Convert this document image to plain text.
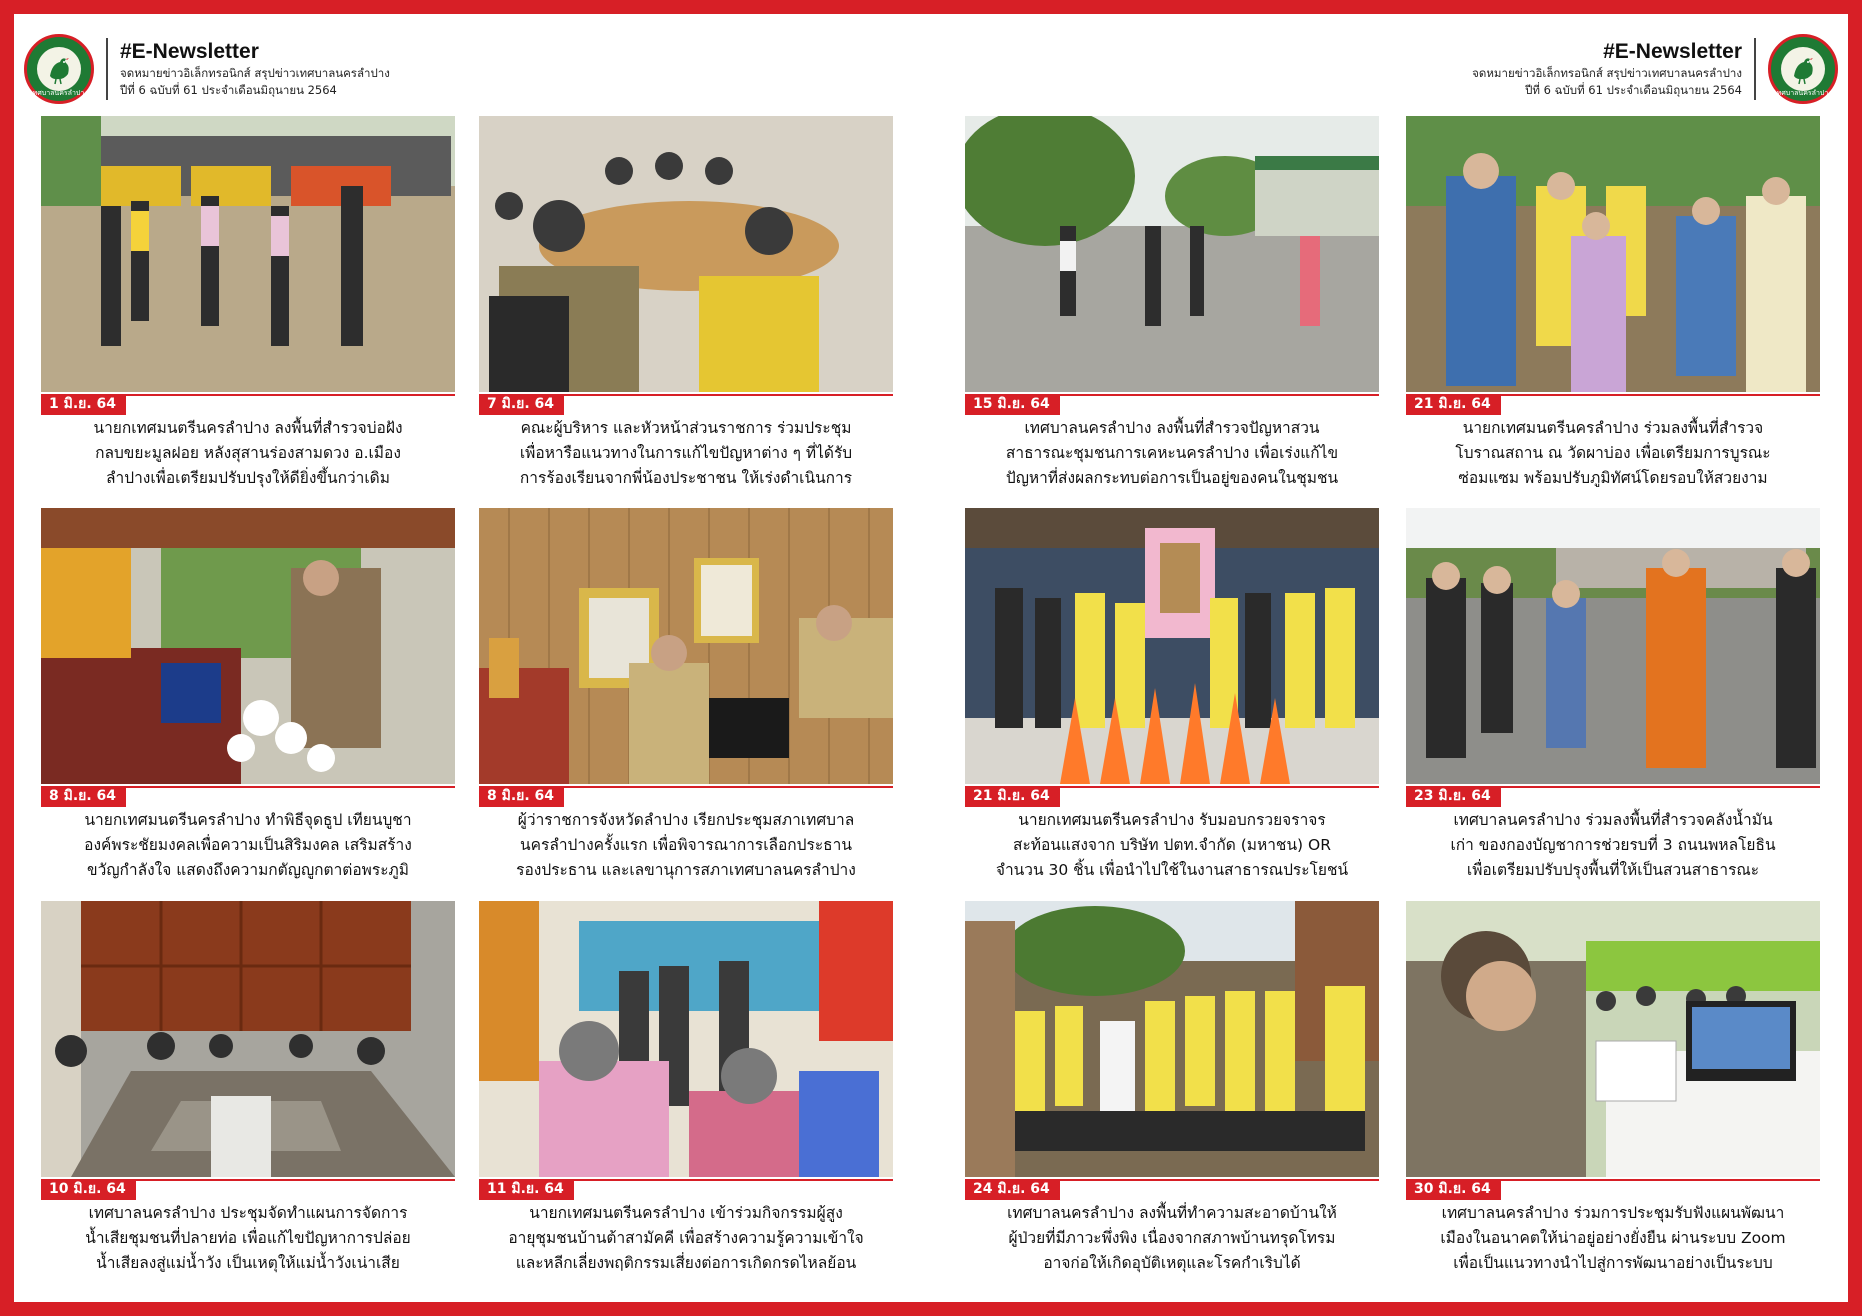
เทศบาลนครลำปาง
#E-Newsletter
จดหมายข่าวอิเล็กทรอนิกส์ สรุปข่าวเทศบาลนครลำปาง
ปีที่ 6 ฉบับที่ 61 ประจำเดือนมิถุนายน 2564	เทศบาลนครลำปาง
#E-Newsletter
จดหมายข่าวอิเล็กทรอนิกส์ สรุปข่าวเทศบาลนครลำปาง
ปีที่ 6 ฉบับที่ 61 ประจำเดือนมิถุนายน 2564
1 มิ.ย. 64
นายกเทศมนตรีนครลำปาง ลงพื้นที่สำรวจบ่อฝัง
กลบขยะมูลฝอย หลังสุสานร่องสามดวง อ.เมือง
ลำปางเพื่อเตรียมปรับปรุงให้ดียิ่งขึ้นกว่าเดิม
7 มิ.ย. 64
คณะผู้บริหาร และหัวหน้าส่วนราชการ ร่วมประชุม
เพื่อหารือแนวทางในการแก้ไขปัญหาต่าง ๆ ที่ได้รับ
การร้องเรียนจากพี่น้องประชาชน ให้เร่งดำเนินการ
15 มิ.ย. 64
เทศบาลนครลำปาง ลงพื้นที่สำรวจปัญหาสวน
สาธารณะชุมชนการเคหะนครลำปาง เพื่อเร่งแก้ไข
ปัญหาที่ส่งผลกระทบต่อการเป็นอยู่ของคนในชุมชน
21 มิ.ย. 64
นายกเทศมนตรีนครลำปาง ร่วมลงพื้นที่สำรวจ
โบราณสถาน ณ วัดผาบ่อง เพื่อเตรียมการบูรณะ
ซ่อมแซม พร้อมปรับภูมิทัศน์โดยรอบให้สวยงาม
8 มิ.ย. 64
นายกเทศมนตรีนครลำปาง ทำพิธีจุดธูป เทียนบูชา
องค์พระชัยมงคลเพื่อความเป็นสิริมงคล เสริมสร้าง
ขวัญกำลังใจ แสดงถึงความกตัญญูกตาต่อพระภูมิ
8 มิ.ย. 64
ผู้ว่าราชการจังหวัดลำปาง เรียกประชุมสภาเทศบาล
นครลำปางครั้งแรก เพื่อพิจารณาการเลือกประธาน
รองประธาน และเลขานุการสภาเทศบาลนครลำปาง
21 มิ.ย. 64
นายกเทศมนตรีนครลำปาง รับมอบกรวยจราจร
สะท้อนแสงจาก บริษัท ปตท.จำกัด (มหาชน) OR
จำนวน 30 ชิ้น เพื่อนำไปใช้ในงานสาธารณประโยชน์
23 มิ.ย. 64
เทศบาลนครลำปาง ร่วมลงพื้นที่สำรวจคลังน้ำมัน
เก่า ของกองบัญชาการช่วยรบที่ 3 ถนนพหลโยธิน
เพื่อเตรียมปรับปรุงพื้นที่ให้เป็นสวนสาธารณะ
10 มิ.ย. 64
เทศบาลนครลำปาง ประชุมจัดทำแผนการจัดการ
น้ำเสียชุมชนที่ปลายท่อ เพื่อแก้ไขปัญหาการปล่อย
น้ำเสียลงสู่แม่น้ำวัง เป็นเหตุให้แม่น้ำวังเน่าเสีย
11 มิ.ย. 64
นายกเทศมนตรีนครลำปาง เข้าร่วมกิจกรรมผู้สูง
อายุชุมชนบ้านต้าสามัคคี เพื่อสร้างความรู้ความเข้าใจ
และหลีกเลี่ยงพฤติกรรมเสี่ยงต่อการเกิดกรดไหลย้อน
24 มิ.ย. 64
เทศบาลนครลำปาง ลงพื้นที่ทำความสะอาดบ้านให้
ผู้ป่วยที่มีภาวะพึ่งพิง เนื่องจากสภาพบ้านทรุดโทรม
อาจก่อให้เกิดอุบัติเหตุและโรคกำเริบได้
30 มิ.ย. 64
เทศบาลนครลำปาง ร่วมการประชุมรับฟังแผนพัฒนา
เมืองในอนาคตให้น่าอยู่อย่างยั่งยืน ผ่านระบบ Zoom
เพื่อเป็นแนวทางนำไปสู่การพัฒนาอย่างเป็นระบบ
